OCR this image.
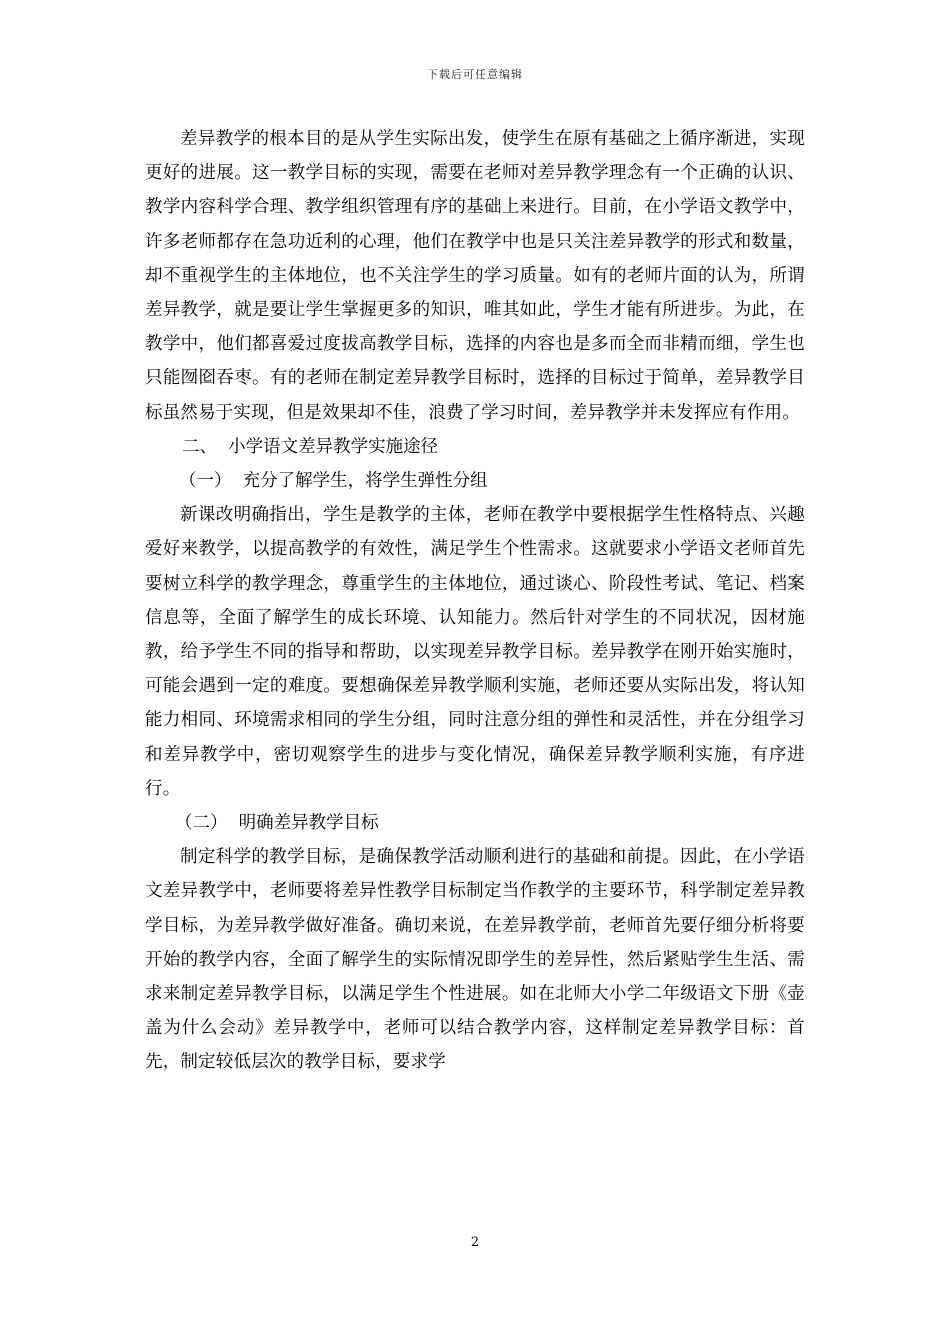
下载后可任意编辑

差异教学的根本目的是从学生实际出发，使学生在原有基础之上循序渐进，实现更好的进展。这一教学目标的实现，需要在老师对差异教学理念有一个正确的认识、教学内容科学合理、教学组织管理有序的基础上来进行。目前，在小学语文教学中，许多老师都存在急功近利的心理，他们在教学中也是只关注差异教学的形式和数量，却不重视学生的主体地位，也不关注学生的学习质量。如有的老师片面的认为，所谓差异教学，就是要让学生掌握更多的知识，唯其如此，学生才能有所进步。为此，在教学中，他们都喜爱过度拔高教学目标，选择的内容也是多而全而非精而细，学生也只能囫囵吞枣。有的老师在制定差异教学目标时，选择的目标过于简单，差异教学目标虽然易于实现，但是效果却不佳，浪费了学习时间，差异教学并未发挥应有作用。

二、  小学语文差异教学实施途径

（一）  充分了解学生，将学生弹性分组

新课改明确指出，学生是教学的主体，老师在教学中要根据学生性格特点、兴趣爱好来教学，以提高教学的有效性，满足学生个性需求。这就要求小学语文老师首先要树立科学的教学理念，尊重学生的主体地位，通过谈心、阶段性考试、笔记、档案信息等，全面了解学生的成长环境、认知能力。然后针对学生的不同状况，因材施教，给予学生不同的指导和帮助，以实现差异教学目标。差异教学在刚开始实施时，可能会遇到一定的难度。要想确保差异教学顺利实施，老师还要从实际出发，将认知能力相同、环境需求相同的学生分组，同时注意分组的弹性和灵活性，并在分组学习和差异教学中，密切观察学生的进步与变化情况，确保差异教学顺利实施，有序进行。

（二）  明确差异教学目标

制定科学的教学目标，是确保教学活动顺利进行的基础和前提。因此，在小学语文差异教学中，老师要将差异性教学目标制定当作教学的主要环节，科学制定差异教学目标，为差异教学做好准备。确切来说，在差异教学前，老师首先要仔细分析将要开始的教学内容，全面了解学生的实际情况即学生的差异性，然后紧贴学生生活、需求来制定差异教学目标，以满足学生个性进展。如在北师大小学二年级语文下册《壶盖为什么会动》差异教学中，老师可以结合教学内容，这样制定差异教学目标：首先，制定较低层次的教学目标，要求学

2
